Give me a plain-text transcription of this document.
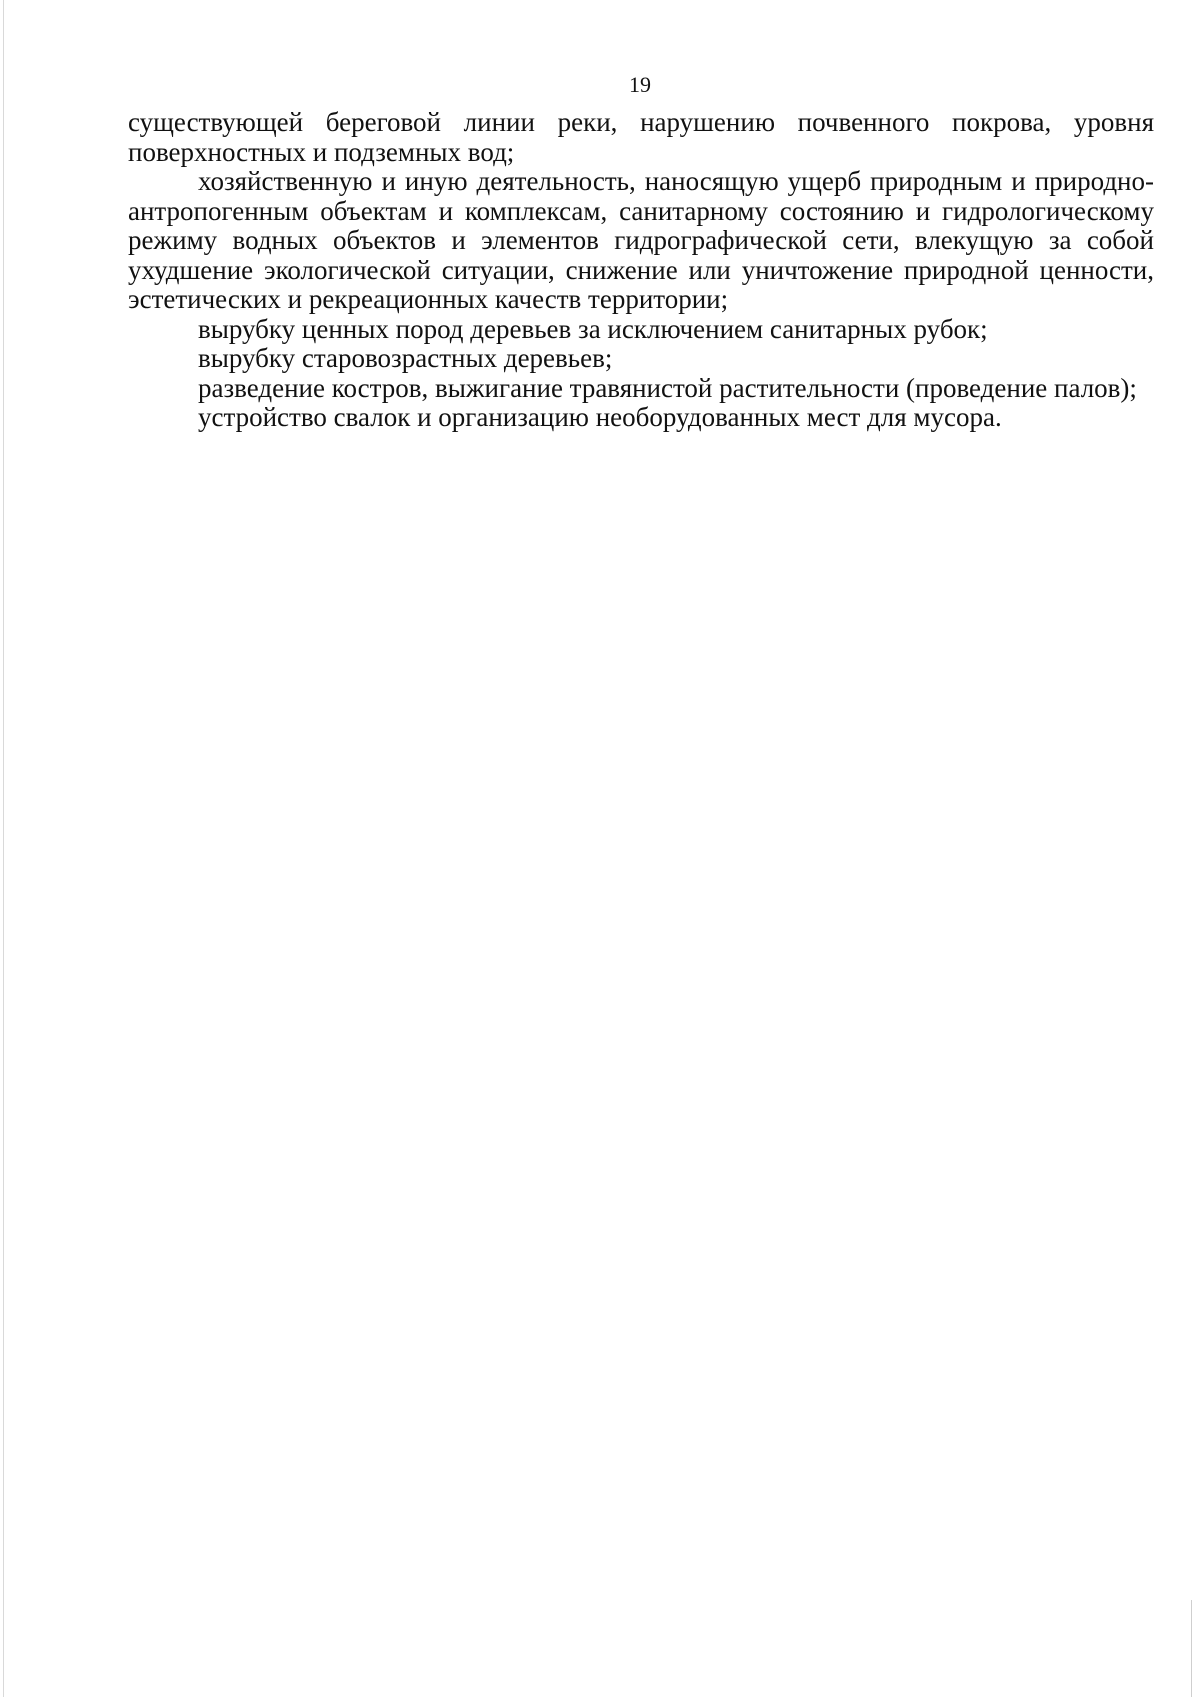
19

существующей береговой линии реки, нарушению почвенного покрова, уровня поверхностных и подземных вод;

хозяйственную и иную деятельность, наносящую ущерб природным и природно-антропогенным объектам и комплексам, санитарному состоянию и гидрологическому режиму водных объектов и элементов гидрографической сети, влекущую за собой ухудшение экологической ситуации, снижение или уничтожение природной ценности, эстетических и рекреационных качеств территории;

вырубку ценных пород деревьев за исключением санитарных рубок;

вырубку старовозрастных деревьев;

разведение костров, выжигание травянистой растительности (проведение палов);

устройство свалок и организацию необорудованных мест для мусора.
